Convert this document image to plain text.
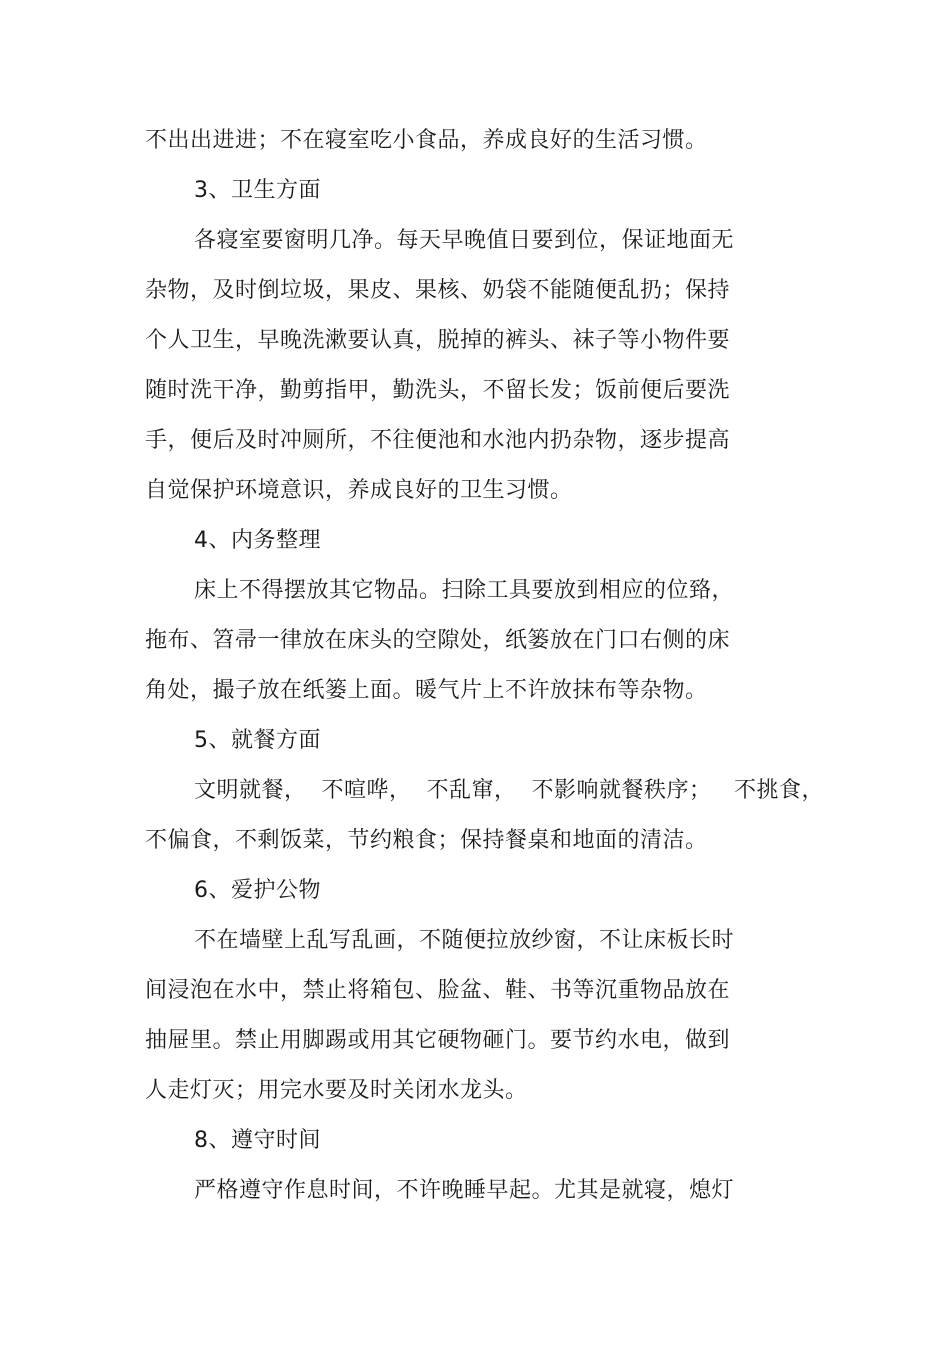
不出出进进；不在寝室吃小食品，养成良好的生活习惯。
3、卫生方面
各寝室要窗明几净。每天早晚值日要到位，保证地面无
杂物，及时倒垃圾，果皮、果核、奶袋不能随便乱扔；保持
个人卫生，早晚洗漱要认真，脱掉的裤头、袜子等小物件要
随时洗干净，勤剪指甲，勤洗头，不留长发；饭前便后要洗
手，便后及时冲厕所，不往便池和水池内扔杂物，逐步提高
自觉保护环境意识，养成良好的卫生习惯。
4、内务整理
床上不得摆放其它物品。扫除工具要放到相应的位臵，
拖布、笤帚一律放在床头的空隙处，纸篓放在门口右侧的床
角处，撮子放在纸篓上面。暖气片上不许放抹布等杂物。
5、就餐方面
文明就餐，  不喧哗，  不乱窜，  不影响就餐秩序；   不挑食，
不偏食，不剩饭菜，节约粮食；保持餐桌和地面的清洁。
6、爱护公物
不在墙壁上乱写乱画，不随便拉放纱窗，不让床板长时
间浸泡在水中，禁止将箱包、脸盆、鞋、书等沉重物品放在
抽屉里。禁止用脚踢或用其它硬物砸门。要节约水电，做到
人走灯灭；用完水要及时关闭水龙头。
8、遵守时间
严格遵守作息时间，不许晚睡早起。尤其是就寝，熄灯
